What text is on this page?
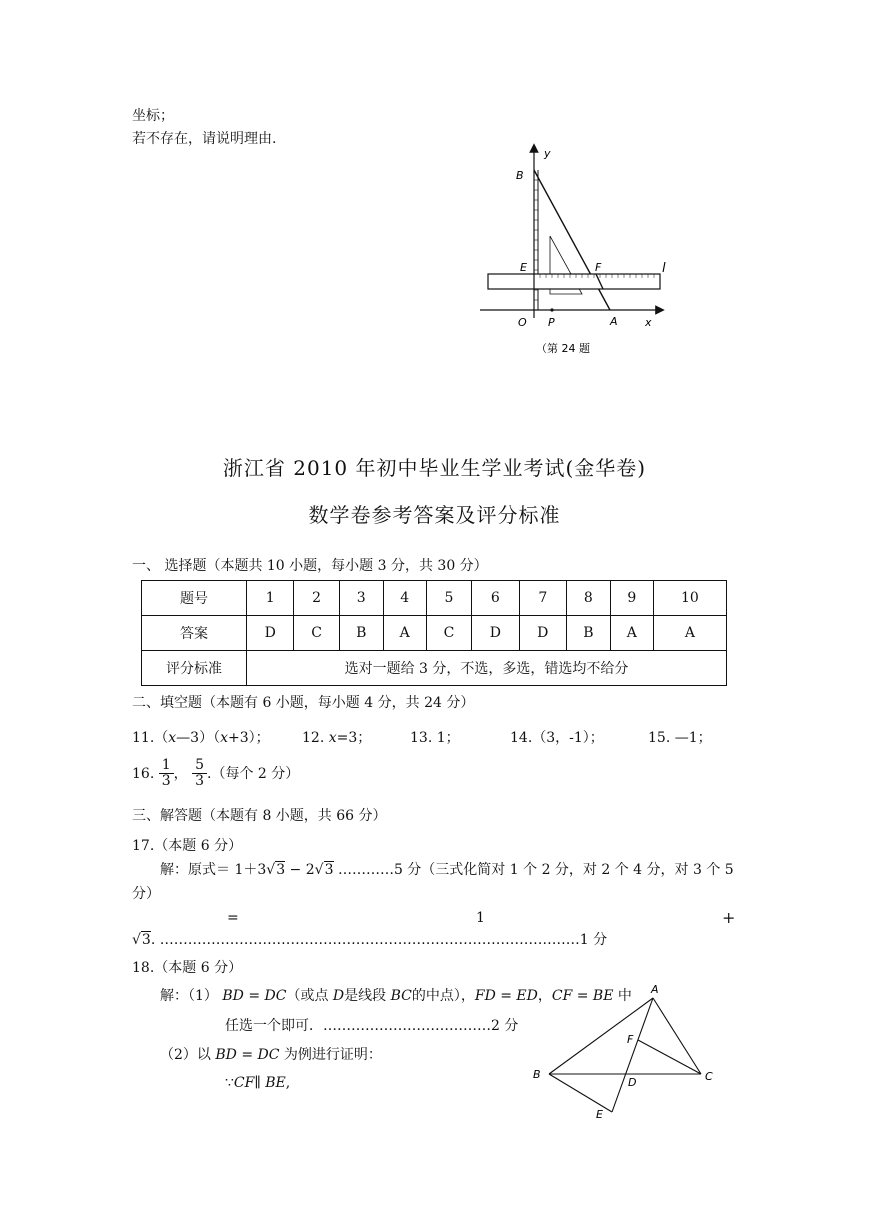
坐标；
若不存在，请说明理由.
y
B
E	F	l
O P	A x
（第 24 题
浙江省 2010 年初中毕业生学业考试(金华卷)
数学卷参考答案及评分标准
一、 选择题（本题共 10 小题，每小题 3 分，共 30 分）
题号	1	2	3	4	5	6	7	8	9	10
答案	D	C	B	A	C	D	D	B	A	A
评分标准	选对一题给 3 分，不选，多选，错选均不给分									
二、填空题（本题有 6 小题，每小题 4 分，共 24 分）
11.（x—3）（x+3）； 12. x=3；	13. 1；	14.（3，-1）；	15. —1；
16. $\frac{1}{3}$ ， $\frac{5}{3}$ .（每个 2 分）
三、解答题（本题有 8 小题，共 66 分）
17.（本题 6 分）
解：原式＝ 1＋3√3 − 2√3 …………5 分（三式化简对 1 个 2 分，对 2 个 4 分，对 3 个 5
分）
=	1	+
√3. ………………………………………………………………………………1 分
18.（本题 6 分）
解：（1） BD = DC（或点 D是线段 BC的中点），FD = ED，CF = BE 中
任选一个即可．………………………………2 分
（2）以 BD = DC 为例进行证明：
∵CF∥ BE,
A
F
B
D	C
E
